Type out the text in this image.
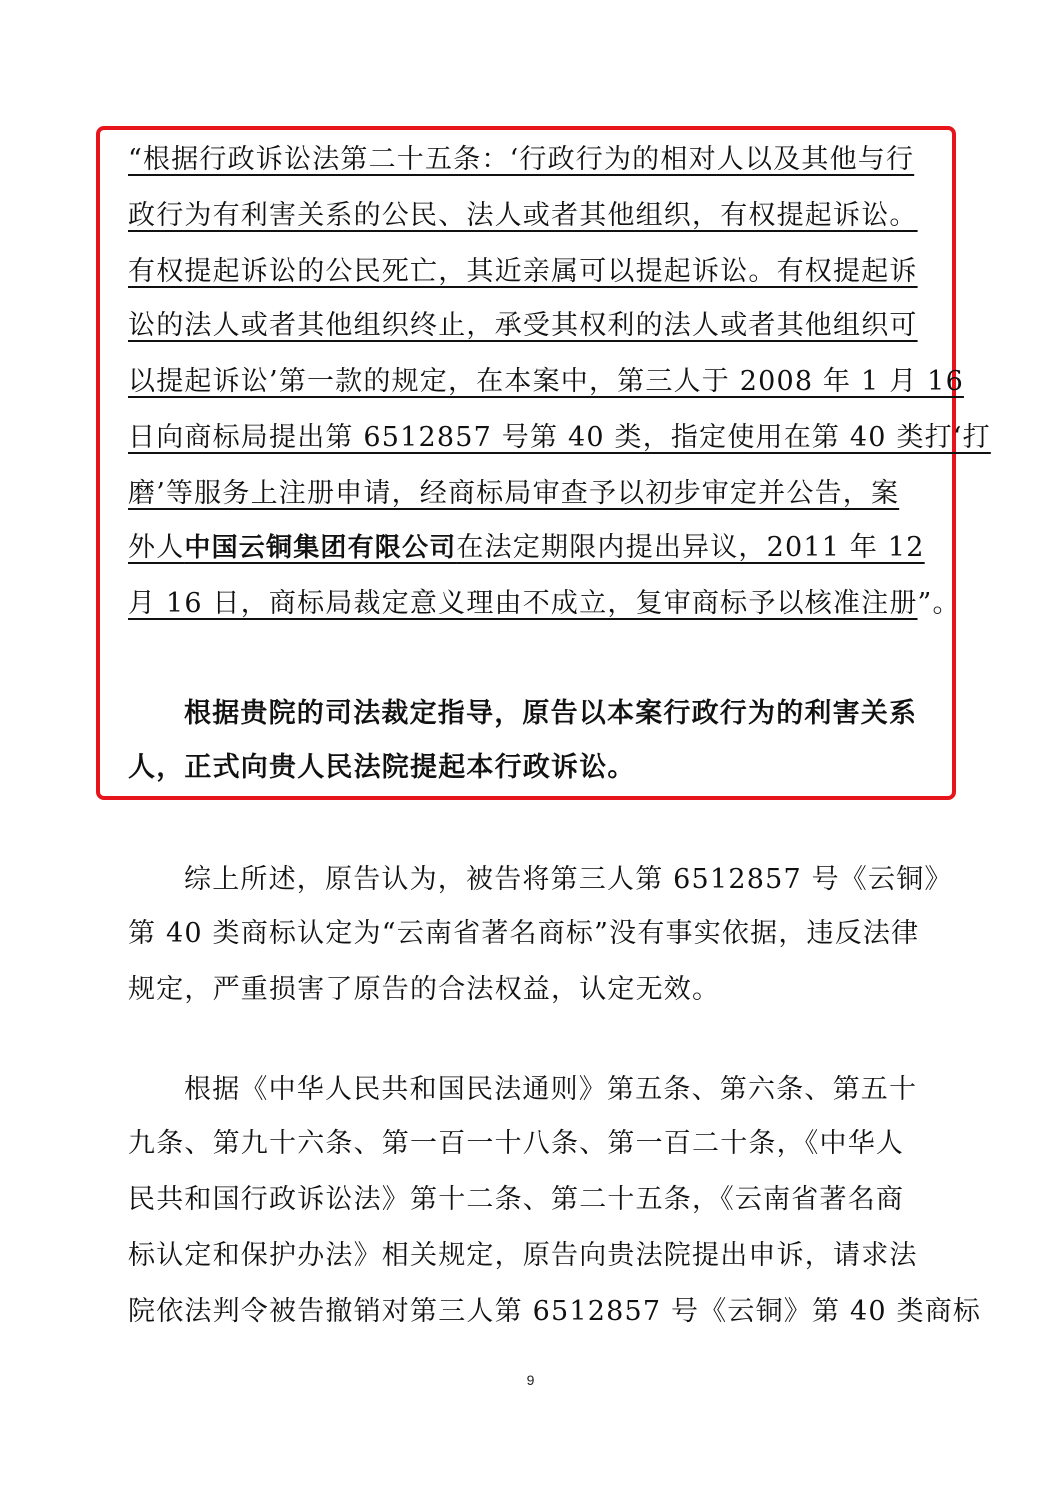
“根据行政诉讼法第二十五条：‘行政行为的相对人以及其他与行
政行为有利害关系的公民、法人或者其他组织，有权提起诉讼。
有权提起诉讼的公民死亡，其近亲属可以提起诉讼。有权提起诉
讼的法人或者其他组织终止，承受其权利的法人或者其他组织可
以提起诉讼’第一款的规定，在本案中，第三人于 2008 年 1 月 16
日向商标局提出第 6512857 号第 40 类，指定使用在第 40 类打‘打
磨’等服务上注册申请，经商标局审查予以初步审定并公告，案
外人中国云铜集团有限公司在法定期限内提出异议，2011 年 12
月 16 日，商标局裁定意义理由不成立，复审商标予以核准注册”。
根据贵院的司法裁定指导，原告以本案行政行为的利害关系
人，正式向贵人民法院提起本行政诉讼。
综上所述，原告认为，被告将第三人第 6512857 号《云铜》
第 40 类商标认定为“云南省著名商标”没有事实依据，违反法律
规定，严重损害了原告的合法权益，认定无效。
根据《中华人民共和国民法通则》第五条、第六条、第五十
九条、第九十六条、第一百一十八条、第一百二十条，《中华人
民共和国行政诉讼法》第十二条、第二十五条，《云南省著名商
标认定和保护办法》相关规定，原告向贵法院提出申诉，请求法
院依法判令被告撤销对第三人第 6512857 号《云铜》第 40 类商标
9
